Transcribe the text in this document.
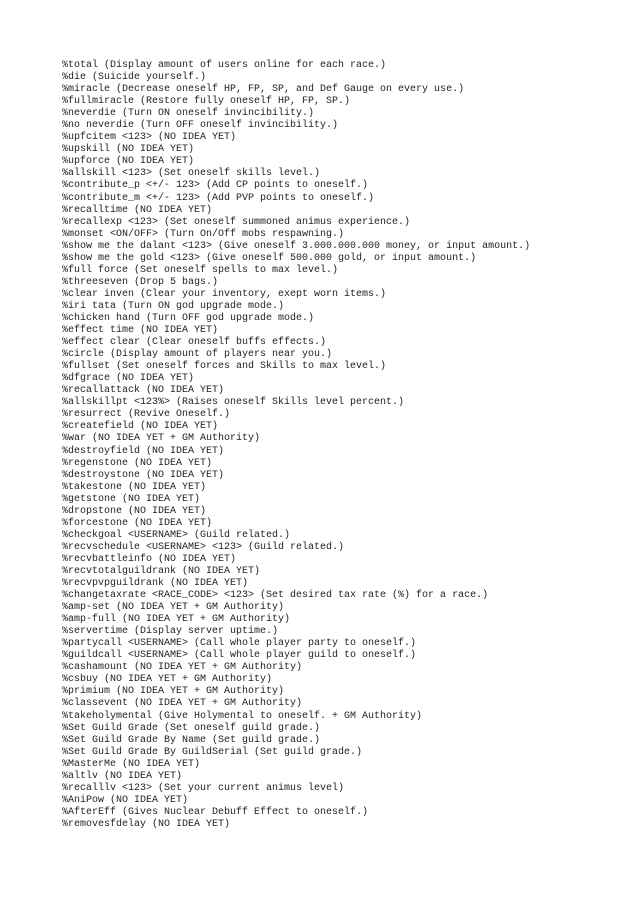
%total (Display amount of users online for each race.)
%die (Suicide yourself.)
%miracle (Decrease oneself HP, FP, SP, and Def Gauge on every use.)
%fullmiracle (Restore fully oneself HP, FP, SP.)
%neverdie (Turn ON oneself invincibility.)
%no neverdie (Turn OFF oneself invincibility.)
%upfcitem <123> (NO IDEA YET)
%upskill (NO IDEA YET)
%upforce (NO IDEA YET)
%allskill <123> (Set oneself skills level.)
%contribute_p <+/- 123> (Add CP points to oneself.)
%contribute_m <+/- 123> (Add PVP points to oneself.)
%recalltime (NO IDEA YET)
%recallexp <123> (Set oneself summoned animus experience.)
%monset <ON/OFF> (Turn On/Off mobs respawning.)
%show me the dalant <123> (Give oneself 3.000.000.000 money, or input amount.)
%show me the gold <123> (Give oneself 500.000 gold, or input amount.)
%full force (Set oneself spells to max level.)
%threeseven (Drop 5 bags.)
%clear inven (Clear your inventory, exept worn items.)
%iri tata (Turn ON god upgrade mode.)
%chicken hand (Turn OFF god upgrade mode.)
%effect time (NO IDEA YET)
%effect clear (Clear oneself buffs effects.)
%circle (Display amount of players near you.)
%fullset (Set oneself forces and Skills to max level.)
%dfgrace (NO IDEA YET)
%recallattack (NO IDEA YET)
%allskillpt <123%> (Raises oneself Skills level percent.)
%resurrect (Revive Oneself.)
%createfield (NO IDEA YET)
%war (NO IDEA YET + GM Authority)
%destroyfield (NO IDEA YET)
%regenstone (NO IDEA YET)
%destroystone (NO IDEA YET)
%takestone (NO IDEA YET)
%getstone (NO IDEA YET)
%dropstone (NO IDEA YET)
%forcestone (NO IDEA YET)
%checkgoal <USERNAME> (Guild related.)
%recvschedule <USERNAME> <123> (Guild related.)
%recvbattleinfo (NO IDEA YET)
%recvtotalguildrank (NO IDEA YET)
%recvpvpguildrank (NO IDEA YET)
%changetaxrate <RACE_CODE> <123> (Set desired tax rate (%) for a race.)
%amp-set (NO IDEA YET + GM Authority)
%amp-full (NO IDEA YET + GM Authority)
%servertime (Display server uptime.)
%partycall <USERNAME> (Call whole player party to oneself.)
%guildcall <USERNAME> (Call whole player guild to oneself.)
%cashamount (NO IDEA YET + GM Authority)
%csbuy (NO IDEA YET + GM Authority)
%primium (NO IDEA YET + GM Authority)
%classevent (NO IDEA YET + GM Authority)
%takeholymental (Give Holymental to oneself. + GM Authority)
%Set Guild Grade (Set oneself guild grade.)
%Set Guild Grade By Name (Set guild grade.)
%Set Guild Grade By GuildSerial (Set guild grade.)
%MasterMe (NO IDEA YET)
%altlv (NO IDEA YET)
%recalllv <123> (Set your current animus level)
%AniPow (NO IDEA YET)
%AfterEff (Gives Nuclear Debuff Effect to oneself.)
%removesfdelay (NO IDEA YET)
